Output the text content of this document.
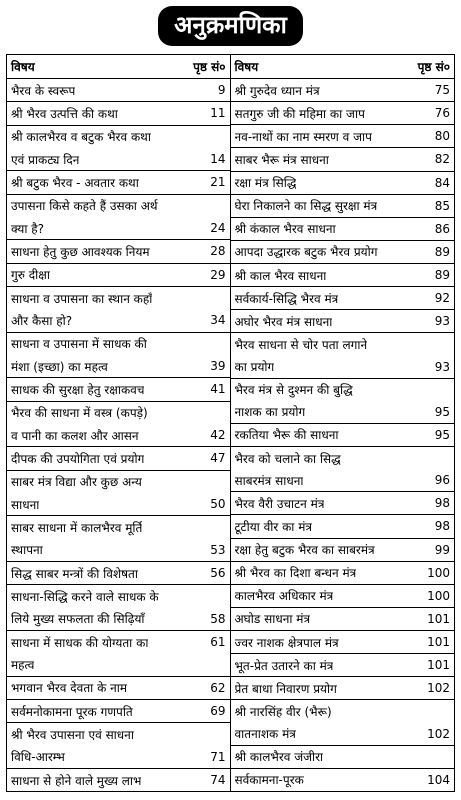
अनुक्रमणिका
विषय	पृष्ठ सं०
भैरव के स्वरूप	9
श्री भैरव उत्पत्ति की कथा	11
श्री कालभैरव व बटुक भैरव कथा
एवं प्राकट्य दिन	14
श्री बटुक भैरव - अवतार कथा	21
उपासना किसे कहते हैं उसका अर्थ
क्या है?	24
साधना हेतु कुछ आवश्यक नियम	28
गुरु दीक्षा	29
साधना व उपासना का स्थान कहाँ
और कैसा हो?	34
साधना व उपासना में साधक की
मंशा (इच्छा) का महत्व	39
साधक की सुरक्षा हेतु रक्षाकवच	41
भैरव की साधना में वस्त्र (कपड़े)
व पानी का कलश और आसन	42
दीपक की उपयोगिता एवं प्रयोग	47
साबर मंत्र विद्या और कुछ अन्य
साधना	50
साबर साधना में कालभैरव मूर्ति
स्थापना	53
सिद्ध साबर मन्त्रों की विशेषता	56
साधना-सिद्धि करने वाले साधक के
लिये मुख्य सफलता की सिढ़ियाँ	58
साधना में साधक की योग्यता का	61
महत्व
भगवान भैरव देवता के नाम	62
सर्वमनोकामना पूरक गणपति	69
श्री भैरव उपासना एवं साधना
विधि-आरम्भ	71
साधना से होने वाले मुख्य लाभ	74
विषय	पृष्ठ सं०
श्री गुरुदेव ध्यान मंत्र	75
सतगुरु जी की महिमा का जाप	76
नव-नाथों का नाम स्मरण व जाप	80
साबर भैरू मंत्र साधना	82
रक्षा मंत्र सिद्धि	84
घेरा निकालने का सिद्ध सुरक्षा मंत्र	85
श्री कंकाल भैरव साधना	86
आपदा उद्धारक बटुक भैरव प्रयोग	89
श्री काल भैरव साधना	89
सर्वकार्य-सिद्धि भैरव मंत्र	92
अघोर भैरव मंत्र साधना	93
भैरव साधना से चोर पता लगाने
का प्रयोग	93
भैरव मंत्र से दुश्मन की बुद्धि
नाशक का प्रयोग	95
रकतिया भैरू की साधना	95
भैरव को चलाने का सिद्ध
साबरमंत्र साधना	96
भैरव वैरी उचाटन मंत्र	98
टूटीया वीर का मंत्र	98
रक्षा हेतु बटुक भैरव का साबरमंत्र	99
श्री भैरव का दिशा बन्धन मंत्र	100
कालभैरव अधिकार मंत्र	100
अघोड साधना मंत्र	101
ज्वर नाशक क्षेत्रपाल मंत्र	101
भूत-प्रेत उतारने का मंत्र	101
प्रेत बाधा निवारण प्रयोग	102
श्री नारसिंह वीर (भैरू)
वातनाशक मंत्र	102
श्री कालभैरव जंजीरा
सर्वकामना-पूरक	104
